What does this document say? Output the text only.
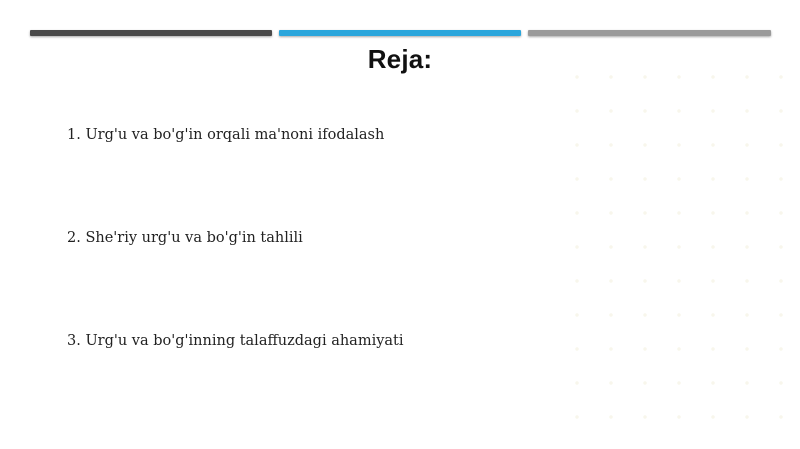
Reja:
1. Urg'u va bo'g'in orqali ma'noni ifodalash
2. She'riy urg'u va bo'g'in tahlili
3. Urg'u va bo'g'inning talaffuzdagi ahamiyati
